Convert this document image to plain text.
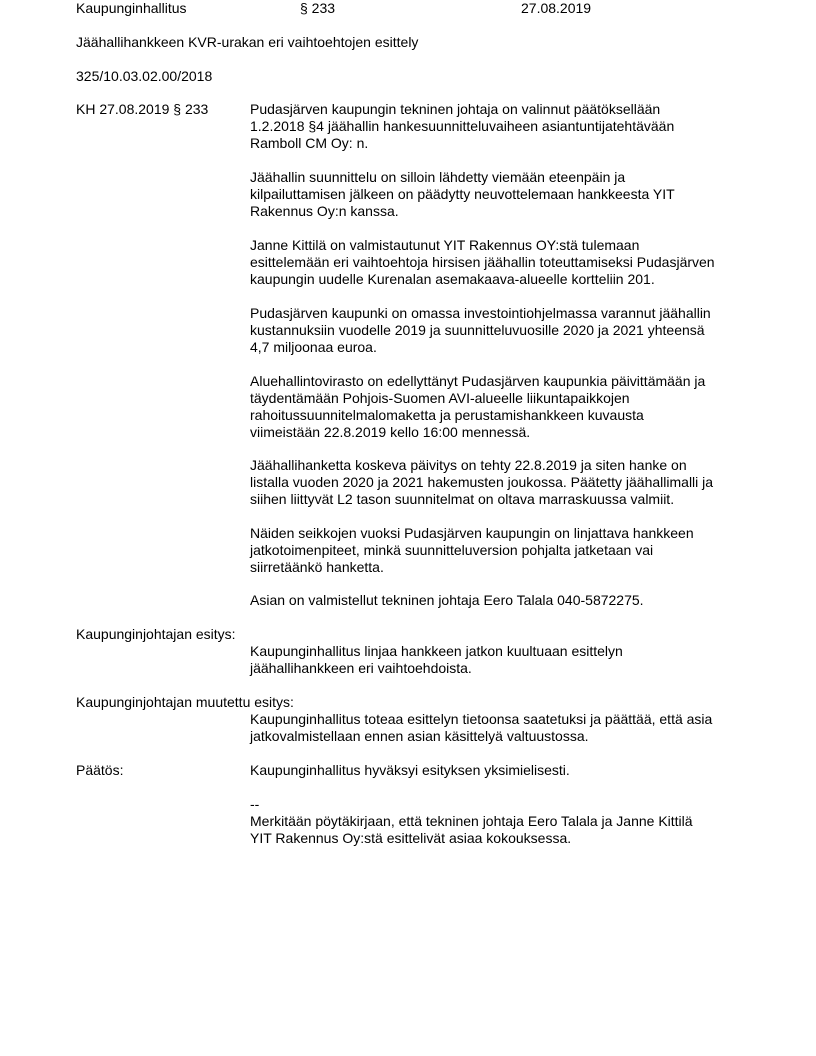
Kaupunginhallitus	§ 233	27.08.2019
Jäähallihankkeen KVR-urakan eri vaihtoehtojen esittely
325/10.03.02.00/2018
KH 27.08.2019 § 233	Pudasjärven kaupungin tekninen johtaja on valinnut päätöksellään
1.2.2018 §4 jäähallin hankesuunnitteluvaiheen asiantuntijatehtävään
Ramboll CM Oy: n.
Jäähallin suunnittelu on silloin lähdetty viemään eteenpäin ja
kilpailuttamisen jälkeen on päädytty neuvottelemaan hankkeesta YIT
Rakennus Oy:n kanssa.
Janne Kittilä on valmistautunut YIT Rakennus OY:stä tulemaan
esittelemään eri vaihtoehtoja hirsisen jäähallin toteuttamiseksi Pudasjärven
kaupungin uudelle Kurenalan asemakaava-alueelle kortteliin 201.
Pudasjärven kaupunki on omassa investointiohjelmassa varannut jäähallin
kustannuksiin vuodelle 2019 ja suunnitteluvuosille 2020 ja 2021 yhteensä
4,7 miljoonaa euroa.
Aluehallintovirasto on edellyttänyt Pudasjärven kaupunkia päivittämään ja
täydentämään Pohjois-Suomen AVI-alueelle liikuntapaikkojen
rahoitussuunnitelmalomaketta ja perustamishankkeen kuvausta
viimeistään 22.8.2019 kello 16:00 mennessä.
Jäähallihanketta koskeva päivitys on tehty 22.8.2019 ja siten hanke on
listalla vuoden 2020 ja 2021 hakemusten joukossa. Päätetty jäähallimalli ja
siihen liittyvät L2 tason suunnitelmat on oltava marraskuussa valmiit.
Näiden seikkojen vuoksi Pudasjärven kaupungin on linjattava hankkeen
jatkotoimenpiteet, minkä suunnitteluversion pohjalta jatketaan vai
siirretäänkö hanketta.
Asian on valmistellut tekninen johtaja Eero Talala 040-5872275.
Kaupunginjohtajan esitys:
Kaupunginhallitus linjaa hankkeen jatkon kuultuaan esittelyn
jäähallihankkeen eri vaihtoehdoista.
Kaupunginjohtajan muutettu esitys:
Kaupunginhallitus toteaa esittelyn tietoonsa saatetuksi ja päättää, että asia
jatkovalmistellaan ennen asian käsittelyä valtuustossa.
Päätös:	Kaupunginhallitus hyväksyi esityksen yksimielisesti.
--
Merkitään pöytäkirjaan, että tekninen johtaja Eero Talala ja Janne Kittilä
YIT Rakennus Oy:stä esittelivät asiaa kokouksessa.
